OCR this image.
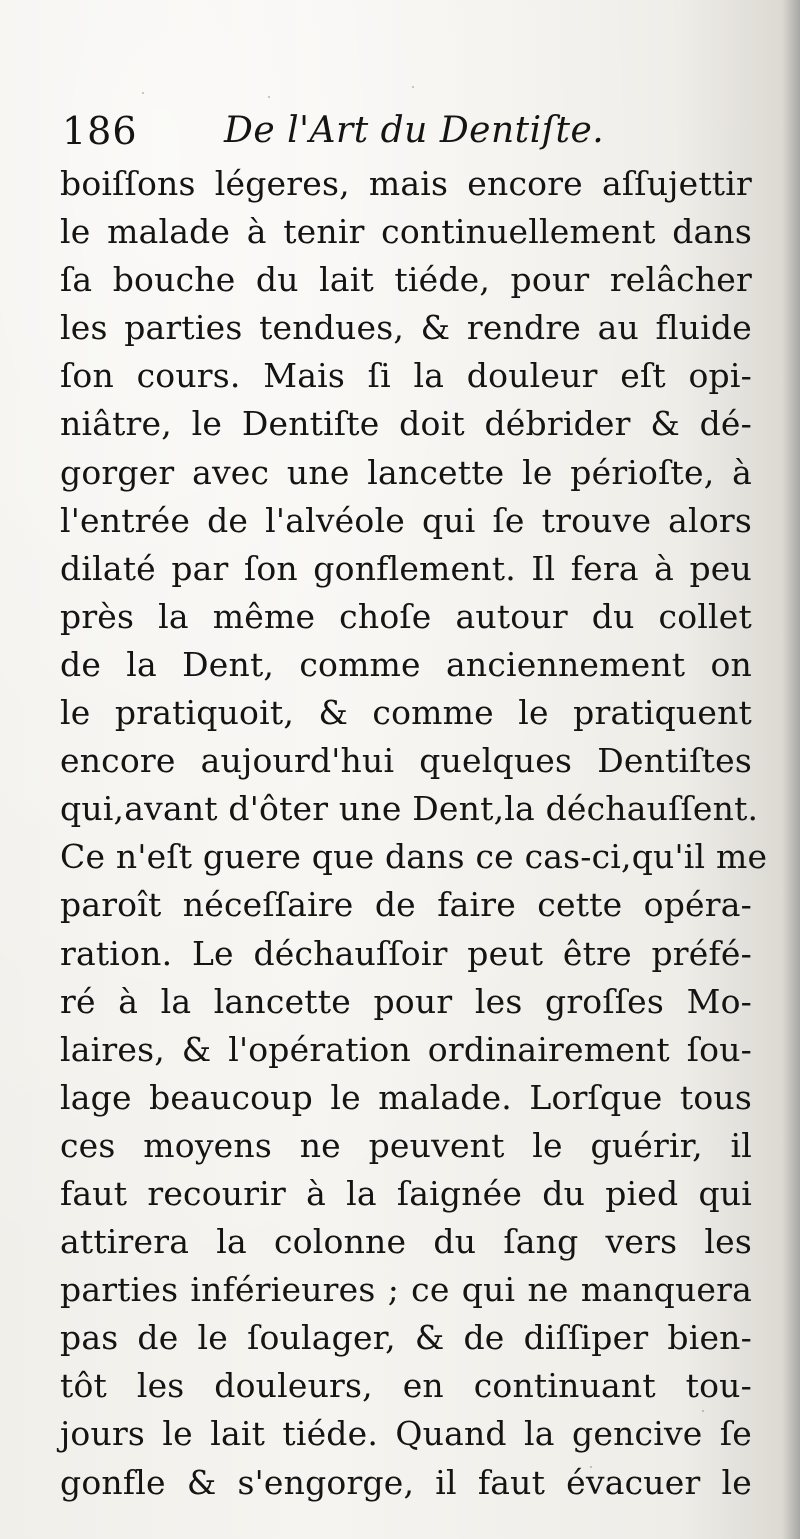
186 De l'Art du Dentiſte.
boiſſons légeres, mais encore aſſujettir
le malade à tenir continuellement dans
ſa bouche du lait tiéde, pour relâcher
les parties tendues, & rendre au fluide
ſon cours. Mais ſi la douleur eſt opi-
niâtre, le Dentiſte doit débrider & dé-
gorger avec une lancette le périoſte, à
l'entrée de l'alvéole qui ſe trouve alors
dilaté par ſon gonflement. Il fera à peu
près la même choſe autour du collet
de la Dent, comme anciennement on
le pratiquoit, & comme le pratiquent
encore aujourd'hui quelques Dentiſtes
qui,avant d'ôter une Dent,la déchauſſent.
Ce n'eſt guere que dans ce cas-ci,qu'il me
paroît néceſſaire de faire cette opéra-
ration. Le déchauſſoir peut être préfé-
ré à la lancette pour les groſſes Mo-
laires, & l'opération ordinairement ſou-
lage beaucoup le malade. Lorſque tous
ces moyens ne peuvent le guérir, il
faut recourir à la ſaignée du pied qui
attirera la colonne du ſang vers les
parties inférieures ; ce qui ne manquera
pas de le ſoulager, & de diſſiper bien-
tôt les douleurs, en continuant tou-
jours le lait tiéde. Quand la gencive ſe
gonfle & s'engorge, il faut évacuer le
